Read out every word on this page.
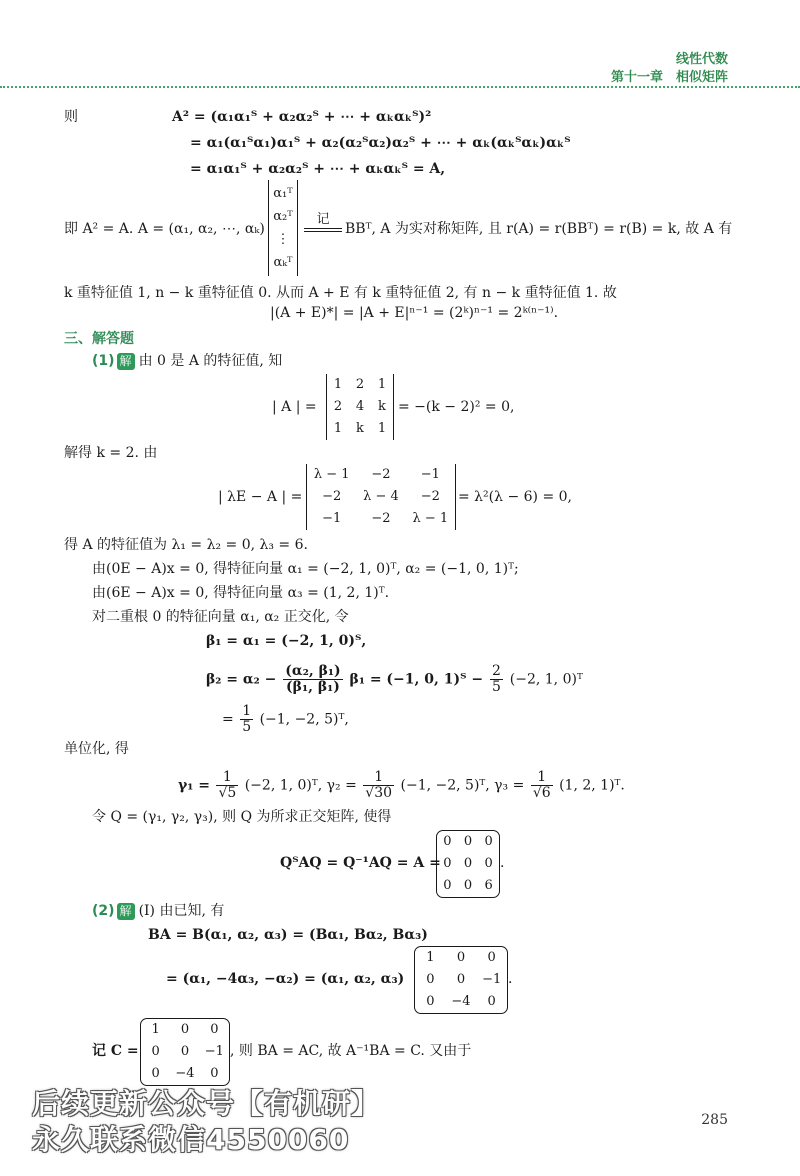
线性代数
第十一章　相似矩阵
则	A² = (α₁α₁ᵀ + α₂α₂ᵀ + ⋯ + αₖαₖᵀ)²
= α₁(α₁ᵀα₁)α₁ᵀ + α₂(α₂ᵀα₂)α₂ᵀ + ⋯ + αₖ(αₖᵀαₖ)αₖᵀ
= α₁α₁ᵀ + α₂α₂ᵀ + ⋯ + αₖαₖᵀ = A,
即 A² = A. A = (α₁, α₂, ⋯, αₖ)
α₁ᵀ
α₂ᵀ
⋮
αₖᵀ
记
BBᵀ, A 为实对称矩阵, 且 r(A) = r(BBᵀ) = r(B) = k, 故 A 有
k 重特征值 1, n − k 重特征值 0. 从而 A + E 有 k 重特征值 2, 有 n − k 重特征值 1. 故
|(A + E)*| = |A + E|ⁿ⁻¹ = (2ᵏ)ⁿ⁻¹ = 2ᵏ⁽ⁿ⁻¹⁾.
三、解答题
(1) 解 由 0 是 A 的特征值, 知
| A | =
1	2	1
2	4	k
1	k	1
= −(k − 2)² = 0,
解得 k = 2. 由
| λE − A | =
λ − 1	−2	−1
−2	λ − 4	−2
−1	−2	λ − 1
= λ²(λ − 6) = 0,
得 A 的特征值为 λ₁ = λ₂ = 0, λ₃ = 6.
由(0E − A)x = 0, 得特征向量 α₁ = (−2, 1, 0)ᵀ, α₂ = (−1, 0, 1)ᵀ;
由(6E − A)x = 0, 得特征向量 α₃ = (1, 2, 1)ᵀ.
对二重根 0 的特征向量 α₁, α₂ 正交化, 令
β₁ = α₁ = (−2, 1, 0)ᵀ,
$\beta_2 = \alpha_2 - \frac{\text{(α₂, β₁)}}{\text{(β₁, β₁)}} \beta_1 = (-1$, 0, 1)ᵀ − $\frac{2}{5} (-2$, 1, 0)ᵀ
= $\frac{1}{5} (-1$, −2, 5)ᵀ,
单位化, 得
$\gamma_1 = \frac{1}{√5} (-2$, 1, 0)ᵀ, $\gamma_2 = \frac{1}{√30} (-1$, −2, 5)ᵀ, $\gamma_3 = \frac{1}{√6} (1$, 2, 1)ᵀ.
令 Q = (γ₁, γ₂, γ₃), 则 Q 为所求正交矩阵, 使得
QᵀAQ = Q⁻¹AQ = A =
0 0 0
0 0 0
0 0 6
.
(2) 解 (Ⅰ) 由已知, 有
BA = B(α₁, α₂, α₃) = (Bα₁, Bα₂, Bα₃)
= (α₁, −4α₃, −α₂) = (α₁, α₂, α₃)
1	0	0
0	0	−1
0	−4	0
.
记 C =
1	0	0
0	0	−1
0	−4	0
, 则 BA = AC, 故 A⁻¹BA = C. 又由于
后续更新公众号【有机研】
永久联系微信4550060
285
